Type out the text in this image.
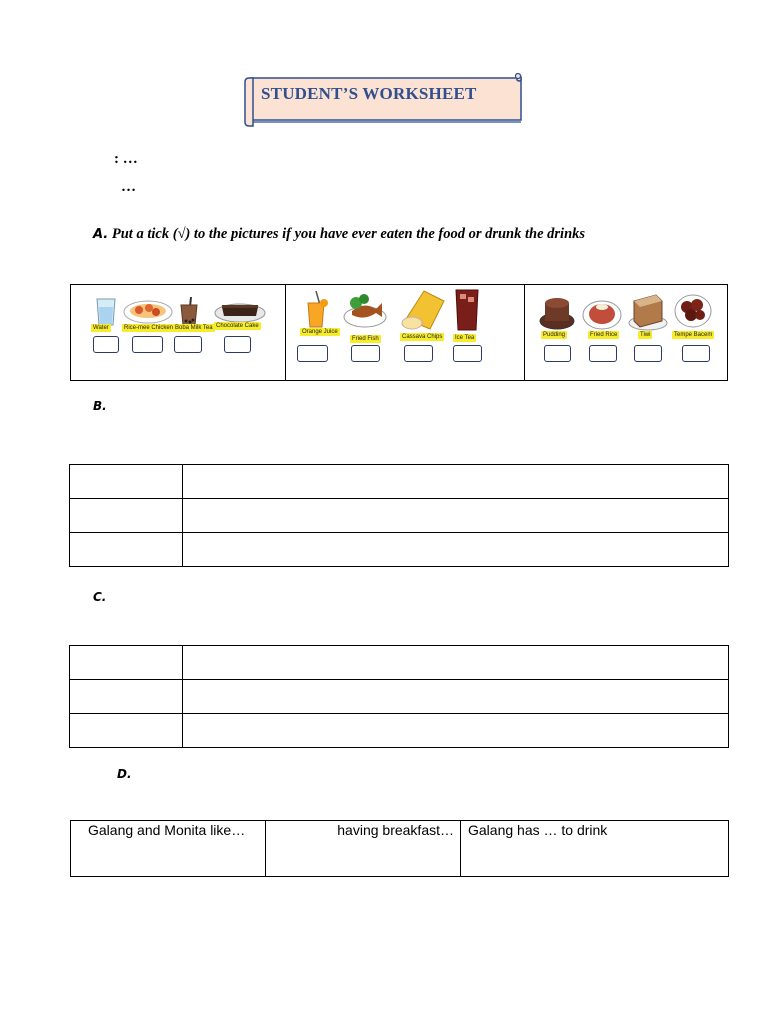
STUDENT’S WORKSHEET
: …
…
A. Put a tick (√) to the pictures if you have ever eaten the food or drunk the drinks
Water	Rice-mee Chicken Boba Milk Tea Chocolate Cake
Orange Juice
Fried Fish	Cassava Chips	Ice Tea	Pudding	Fried Rice	Tiwi	Tempe Bacem
B.

C.

D.
Galang and Monita like…	having breakfast…	Galang has … to drink
